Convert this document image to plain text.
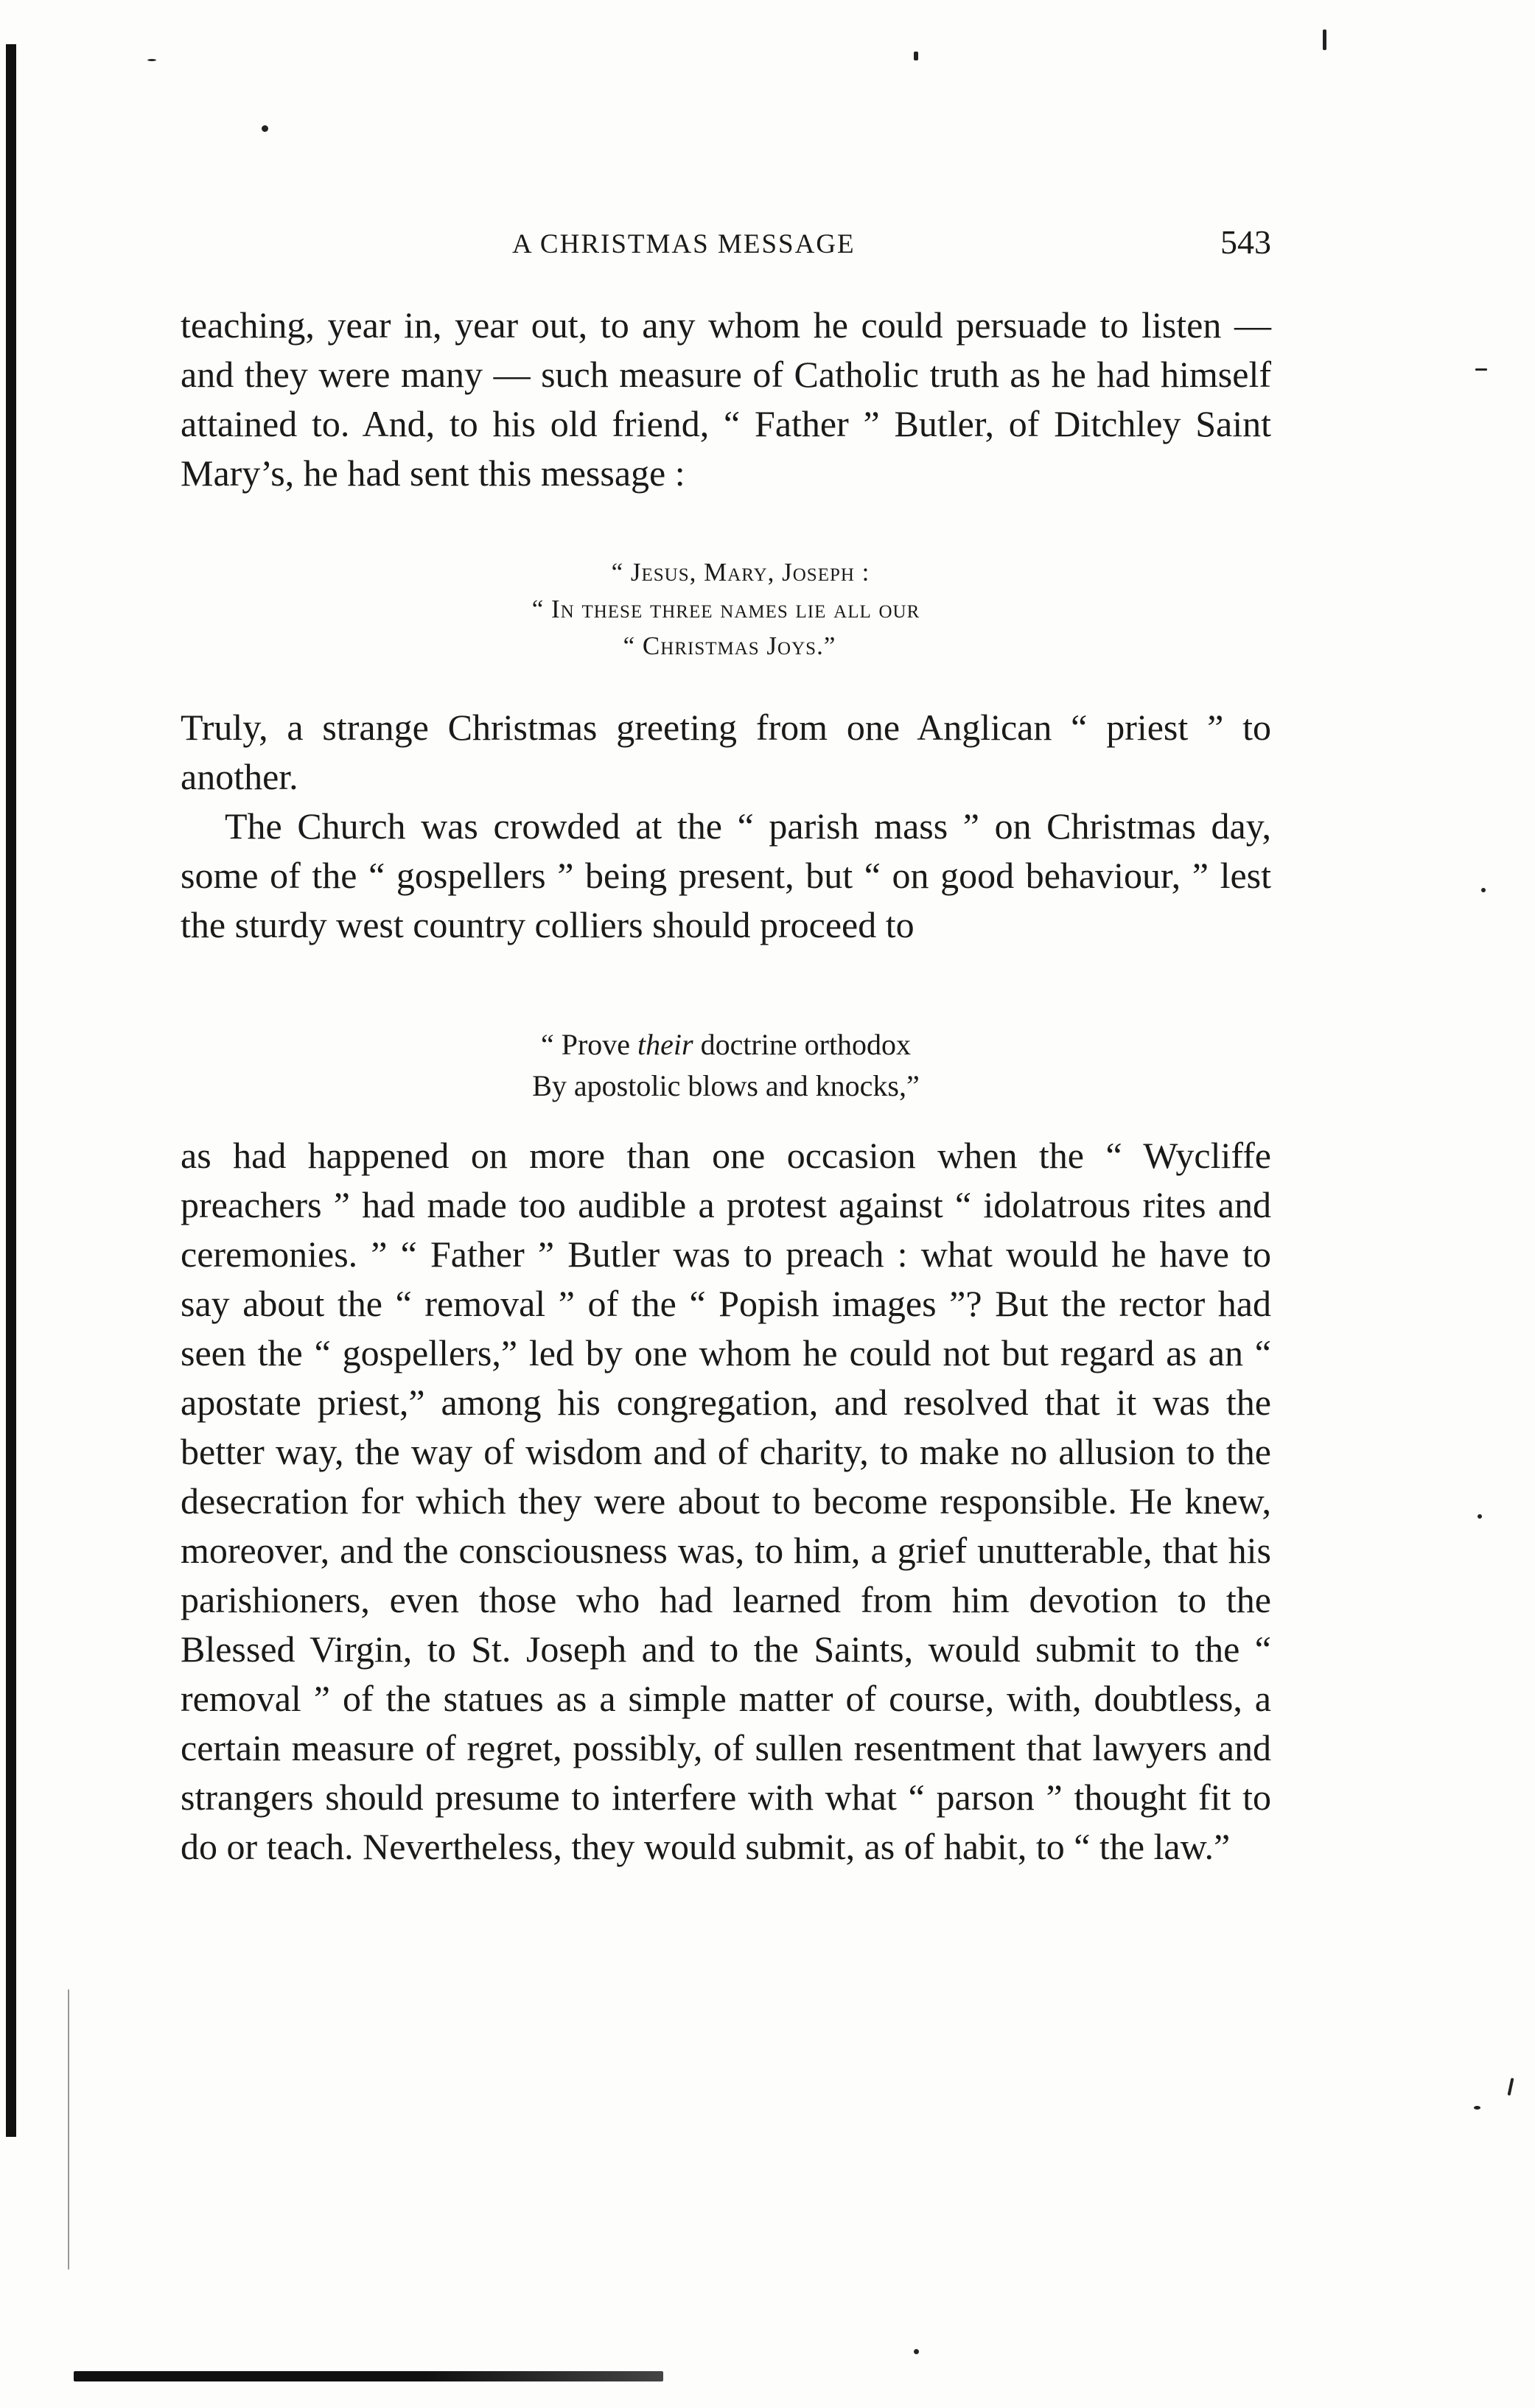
A CHRISTMAS MESSAGE	543

teaching, year in, year out, to any whom he could persuade to listen — and they were many — such measure of Catholic truth as he had himself attained to. And, to his old friend, “ Father ” Butler, of Ditchley Saint Mary’s, he had sent this message :

“ Jesus, Mary, Joseph :
“ In these three names lie all our
“ Christmas Joys.”

Truly, a strange Christmas greeting from one Anglican “ priest ” to another.

The Church was crowded at the “ parish mass ” on Christmas day, some of the “ gospellers ” being present, but “ on good behaviour, ” lest the sturdy west country colliers should proceed to

“ Prove their doctrine orthodox
By apostolic blows and knocks,”

as had happened on more than one occasion when the “ Wycliffe preachers ” had made too audible a protest against “ idolatrous rites and ceremonies. ” “ Father ” Butler was to preach : what would he have to say about the “ removal ” of the “ Popish images ”? But the rector had seen the “ gospellers,” led by one whom he could not but regard as an “ apostate priest,” among his congregation, and resolved that it was the better way, the way of wisdom and of charity, to make no allusion to the desecration for which they were about to become responsible. He knew, moreover, and the consciousness was, to him, a grief unutterable, that his parishioners, even those who had learned from him devotion to the Blessed Virgin, to St. Joseph and to the Saints, would submit to the “ removal ” of the statues as a simple matter of course, with, doubtless, a certain measure of regret, possibly, of sullen resentment that lawyers and strangers should presume to interfere with what “ parson ” thought fit to do or teach. Nevertheless, they would submit, as of habit, to “ the law.”
